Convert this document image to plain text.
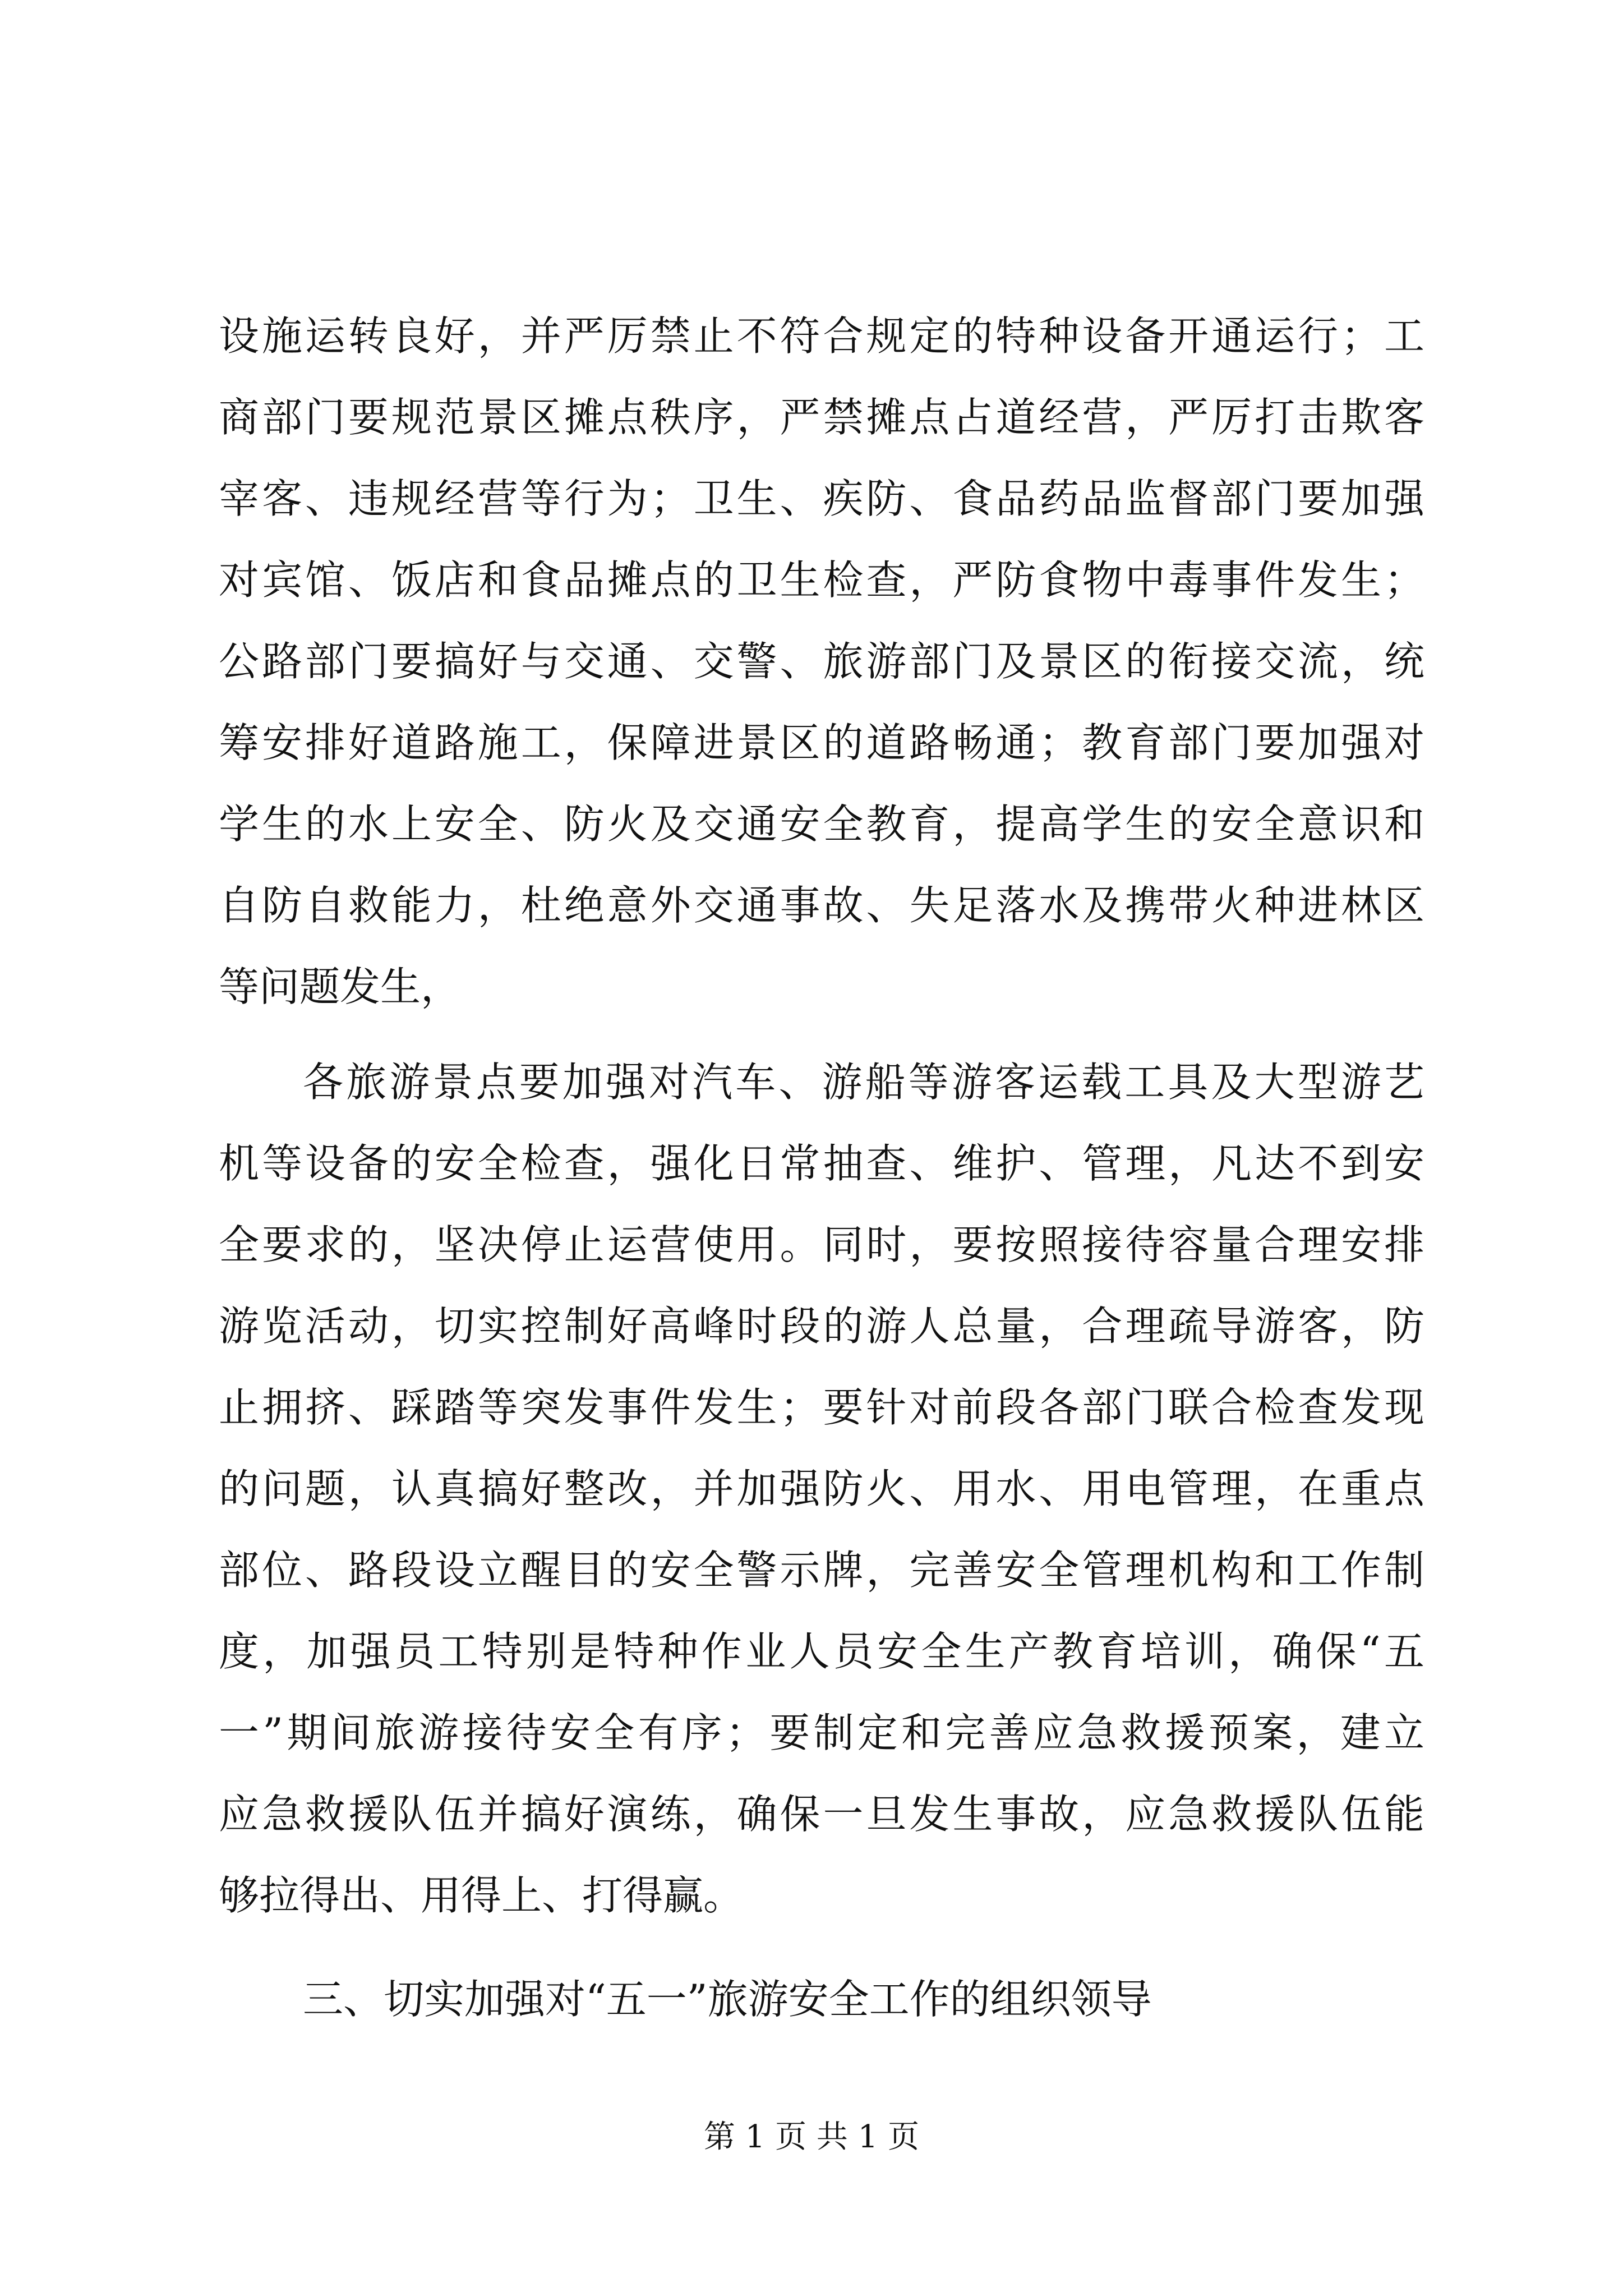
设施运转良好，并严厉禁止不符合规定的特种设备开通运行；工
商部门要规范景区摊点秩序，严禁摊点占道经营，严厉打击欺客
宰客、违规经营等行为；卫生、疾防、食品药品监督部门要加强
对宾馆、饭店和食品摊点的卫生检查，严防食物中毒事件发生；
公路部门要搞好与交通、交警、旅游部门及景区的衔接交流，统
筹安排好道路施工，保障进景区的道路畅通；教育部门要加强对
学生的水上安全、防火及交通安全教育，提高学生的安全意识和
自防自救能力，杜绝意外交通事故、失足落水及携带火种进林区
等问题发生，
各旅游景点要加强对汽车、游船等游客运载工具及大型游艺
机等设备的安全检查，强化日常抽查、维护、管理，凡达不到安
全要求的，坚决停止运营使用。同时，要按照接待容量合理安排
游览活动，切实控制好高峰时段的游人总量，合理疏导游客，防
止拥挤、踩踏等突发事件发生；要针对前段各部门联合检查发现
的问题，认真搞好整改，并加强防火、用水、用电管理，在重点
部位、路段设立醒目的安全警示牌，完善安全管理机构和工作制
度，加强员工特别是特种作业人员安全生产教育培训，确保“五
一”期间旅游接待安全有序；要制定和完善应急救援预案，建立
应急救援队伍并搞好演练，确保一旦发生事故，应急救援队伍能
够拉得出、用得上、打得赢。
三、切实加强对“五一”旅游安全工作的组织领导
第 1 页 共 1 页
